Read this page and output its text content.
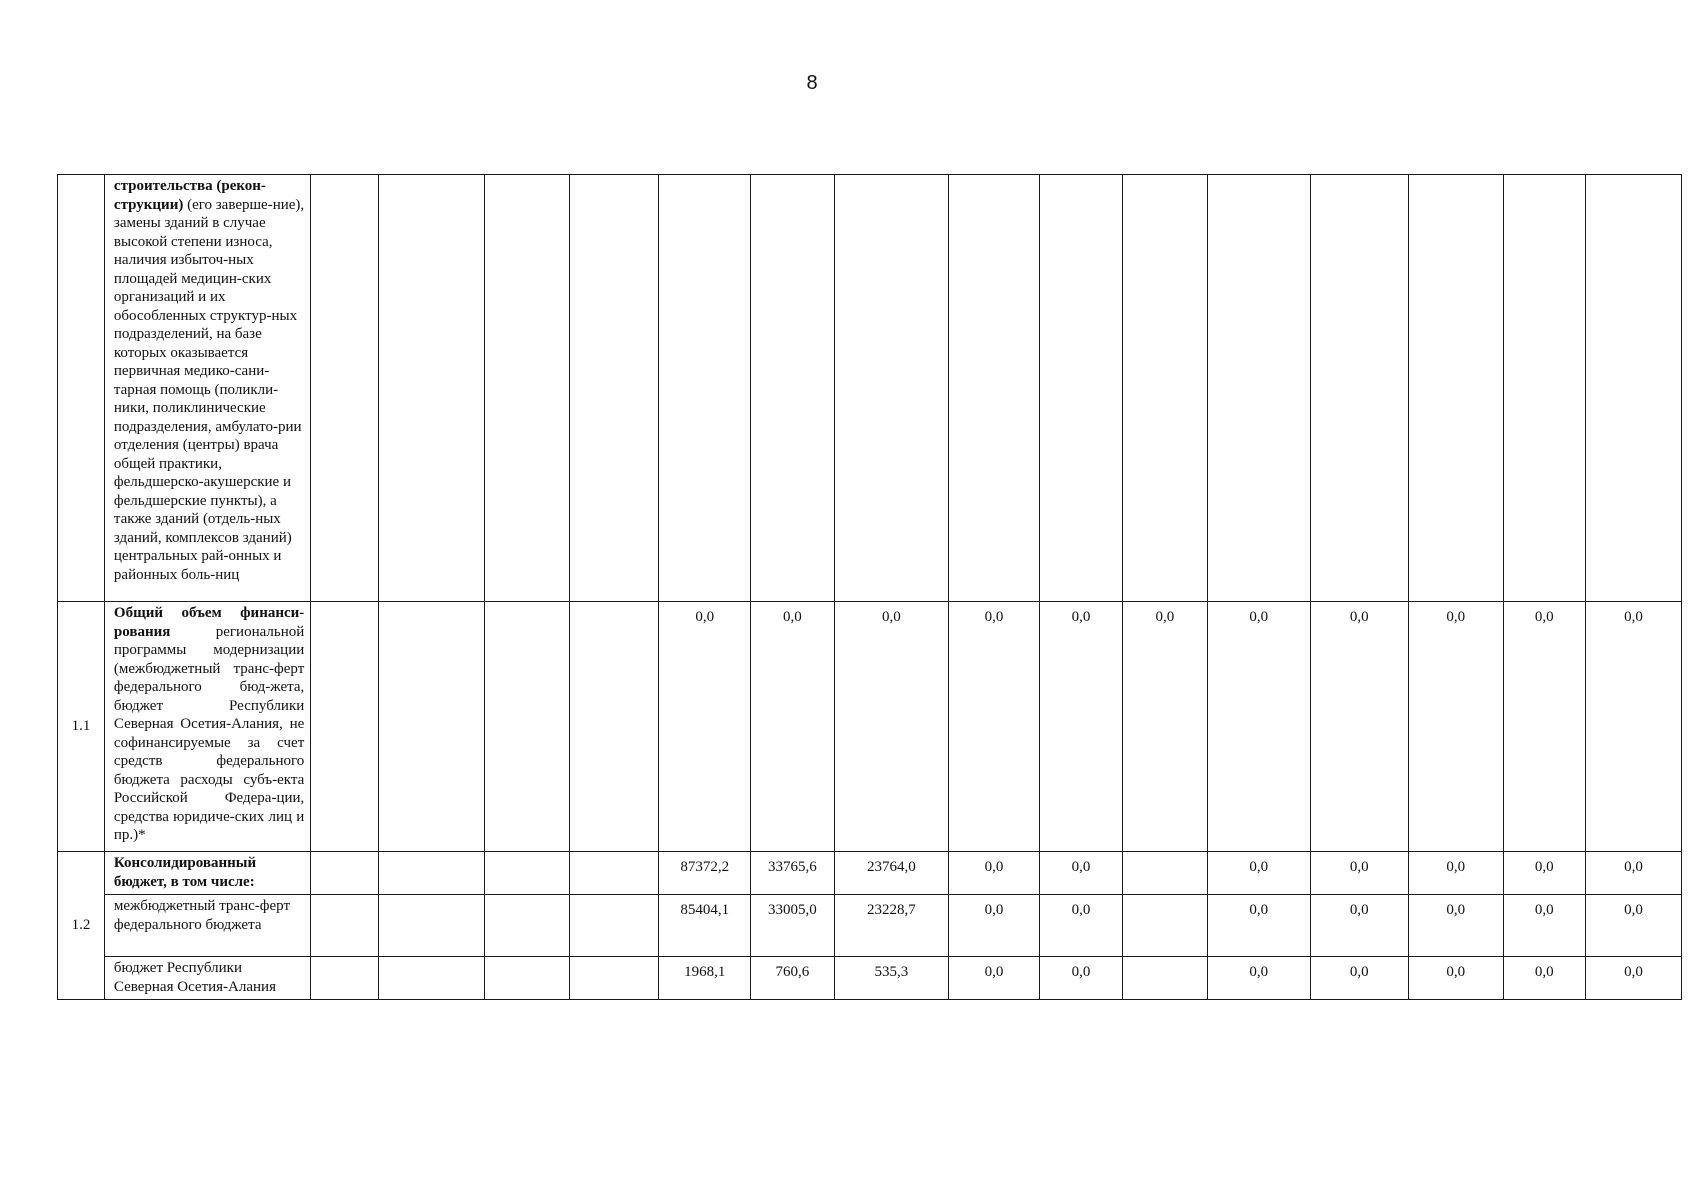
8
	строительства (рекон-струкции) (его заверше-ние), замены зданий в случае высокой степени износа, наличия избыточ-ных площадей медицин-ских организаций и их обособленных структур-ных подразделений, на базе которых оказывается первичная медико-сани-тарная помощь (поликли-ники, поликлинические подразделения, амбулато-рии отделения (центры) врача общей практики, фельдшерско-акушерские и фельдшерские пункты), а также зданий (отдель-ных зданий, комплексов зданий) центральных рай-онных и районных боль-ниц															
1.1	Общий объем финанси-рования региональной программы модернизации (межбюджетный транс-ферт федерального бюд-жета, бюджет Республики Северная Осетия-Алания, не софинансируемые за счет средств федерального бюджета расходы субъ-екта Российской Федера-ции, средства юридиче-ских лиц и пр.)*					0,0	0,0	0,0	0,0	0,0	0,0	0,0	0,0	0,0	0,0	0,0
1.2	Консолидированный бюджет, в том числе:					87372,2	33765,6	23764,0	0,0	0,0		0,0	0,0	0,0	0,0	0,0
	межбюджетный транс-ферт федерального бюджета					85404,1	33005,0	23228,7	0,0	0,0		0,0	0,0	0,0	0,0	0,0
	бюджет Республики Северная Осетия-Алания					1968,1	760,6	535,3	0,0	0,0		0,0	0,0	0,0	0,0	0,0
